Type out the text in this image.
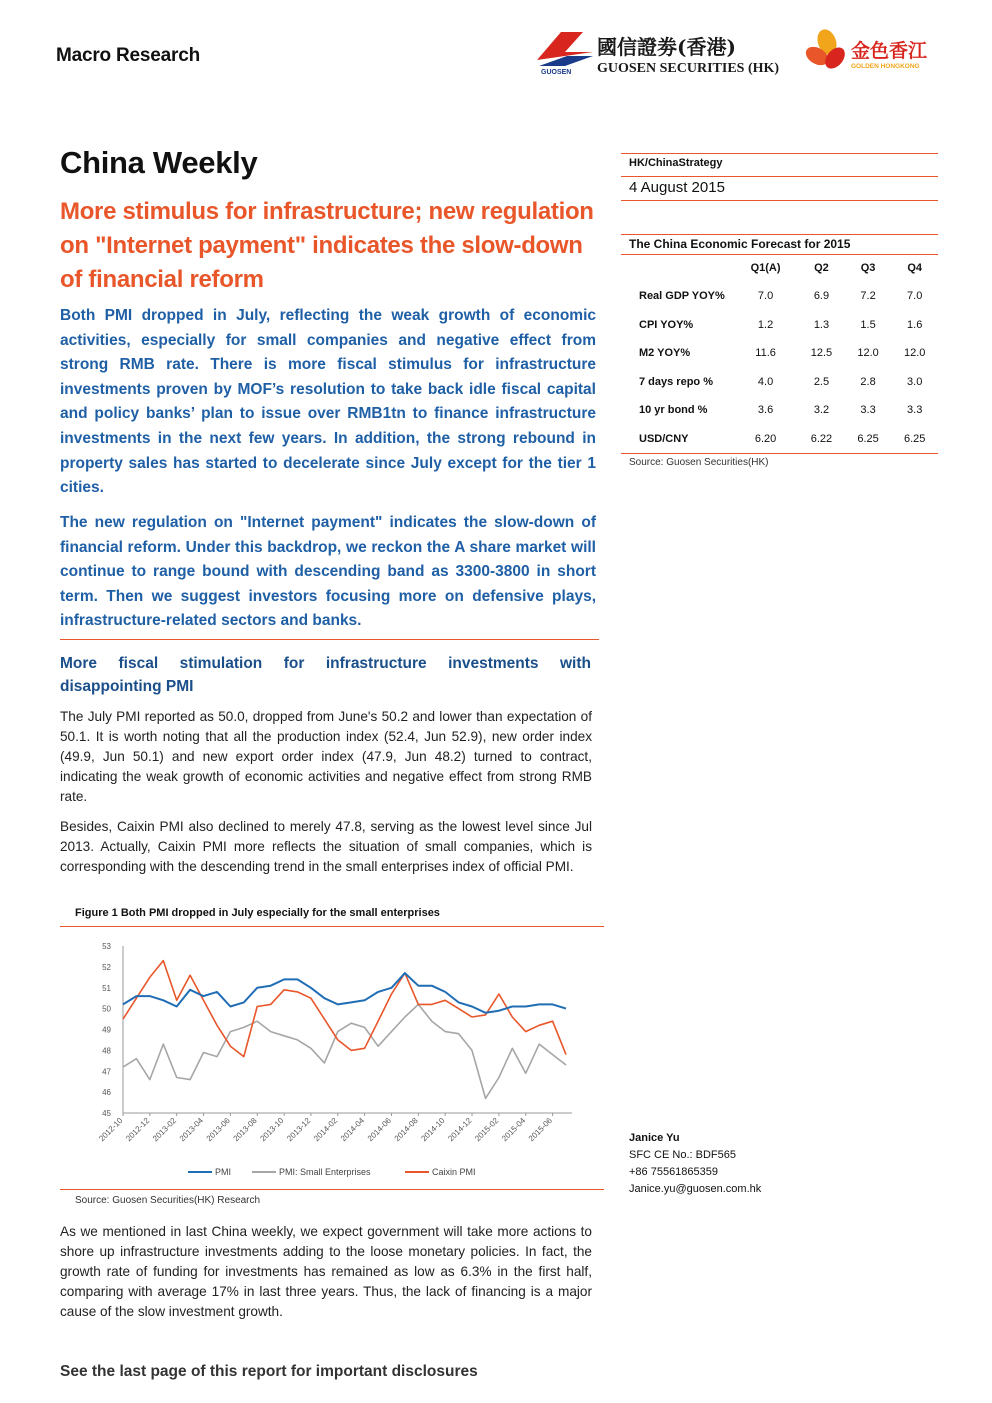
Macro Research
GUOSEN
國信證劵(香港)
GUOSEN SECURITIES (HK)
金色香江
GOLDEN HONGKONG
China Weekly
More stimulus for infrastructure; new regulation on "Internet payment" indicates the slow-down of financial reform

Both PMI dropped in July, reflecting the weak growth of economic activities, especially for small companies and negative effect from strong RMB rate. There is more fiscal stimulus for infrastructure investments proven by MOF’s resolution to take back idle fiscal capital and policy banks’ plan to issue over RMB1tn to finance infrastructure investments in the next few years. In addition, the strong rebound in property sales has started to decelerate since July except for the tier 1 cities.

The new regulation on "Internet payment" indicates the slow-down of financial reform. Under this backdrop, we reckon the A share market will continue to range bound with descending band as 3300-3800 in short term. Then we suggest investors focusing more on defensive plays, infrastructure-related sectors and banks.

More fiscal stimulation for infrastructure investments with disappointing PMI

The July PMI reported as 50.0, dropped from June's 50.2 and lower than expectation of 50.1. It is worth noting that all the production index (52.4, Jun 52.9), new order index (49.9, Jun 50.1) and new export order index (47.9, Jun 48.2) turned to contract, indicating the weak growth of economic activities and negative effect from strong RMB rate.

Besides, Caixin PMI also declined to merely 47.8, serving as the lowest level since Jul 2013. Actually, Caixin PMI more reflects the situation of small companies, which is corresponding with the descending trend in the small enterprises index of official PMI.

Figure 1 Both PMI dropped in July especially for the small enterprises
53
52
51
50
49
48
47
46
45
2012-10 2012-12 2013-02 2013-04 2013-06 2013-08 2013-10 2013-12 2014-02 2014-04 2014-06 2014-08 2014-10 2014-12 2015-02 2015-04 2015-06
PMI	PMI: Small Enterprises	Caixin PMI
Source: Guosen Securities(HK) Research

As we mentioned in last China weekly, we expect government will take more actions to shore up infrastructure investments adding to the loose monetary policies. In fact, the growth rate of funding for investments has remained as low as 6.3% in the first half, comparing with average 17% in last three years. Thus, the lack of financing is a major cause of the slow investment growth.

HK/ChinaStrategy
4 August 2015
The China Economic Forecast for 2015
	Q1(A)	Q2	Q3	Q4
Real GDP YOY%	7.0	6.9	7.2	7.0
CPI YOY%	1.2	1.3	1.5	1.6
M2 YOY%	11.6	12.5	12.0	12.0
7 days repo %	4.0	2.5	2.8	3.0
10 yr bond %	3.6	3.2	3.3	3.3
USD/CNY	6.20	6.22	6.25	6.25
Source: Guosen Securities(HK)
Janice Yu
SFC CE No.: BDF565
+86 75561865359
Janice.yu@guosen.com.hk
See the last page of this report for important disclosures
